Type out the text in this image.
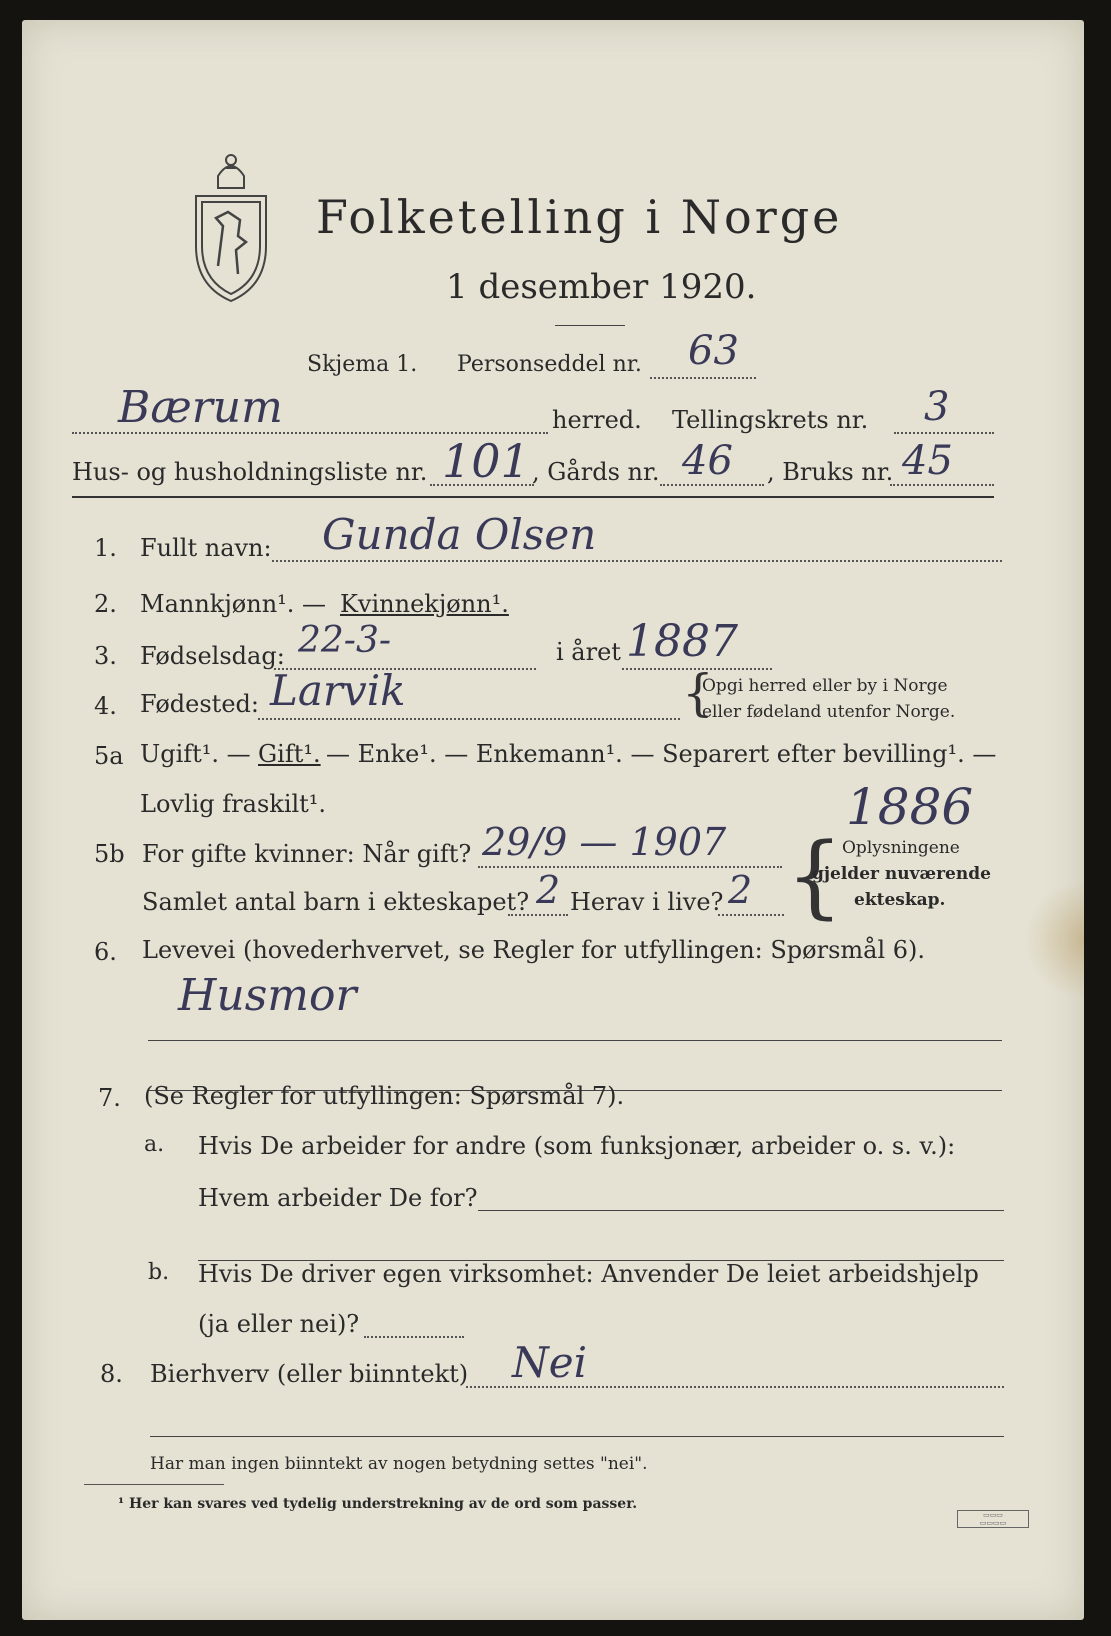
Folketelling i Norge
1 desember 1920.
Skjema 1. Personseddel nr. 63
Bærum	herred. Tellingskrets nr. 3
Hus- og husholdningsliste nr. 101 , Gårds nr. 46 , Bruks nr. 45
1. Fullt navn: Gunda Olsen
2. Mannkjønn¹. — Kvinnekjønn¹.
3. Fødselsdag: 22-3-	i året 1887
4. Fødested: Larvik	{
Opgi herred eller by i Norge
eller fødeland utenfor Norge.
5a Ugift¹. — Gift¹. — Enke¹. — Enkemann¹. — Separert efter bevilling¹. —
Lovlig fraskilt¹.	1886
5b For gifte kvinner: Når gift? 29/9 — 1907
Samlet antal barn i ekteskapet? 2 Herav i live? 2 {
Oplysningene
gjelder nuværende
ekteskap.
6. Levevei (hovederhvervet, se Regler for utfyllingen: Spørsmål 6).
Husmor
7. (Se Regler for utfyllingen: Spørsmål 7).
a. Hvis De arbeider for andre (som funksjonær, arbeider o. s. v.):
Hvem arbeider De for?
b. Hvis De driver egen virksomhet: Anvender De leiet arbeidshjelp
(ja eller nei)?
8. Bierhverv (eller biinntekt) Nei
Har man ingen biinntekt av nogen betydning settes "nei".
¹ Her kan svares ved tydelig understrekning av de ord som passer.
▭▭▭
▭▭▭▭
